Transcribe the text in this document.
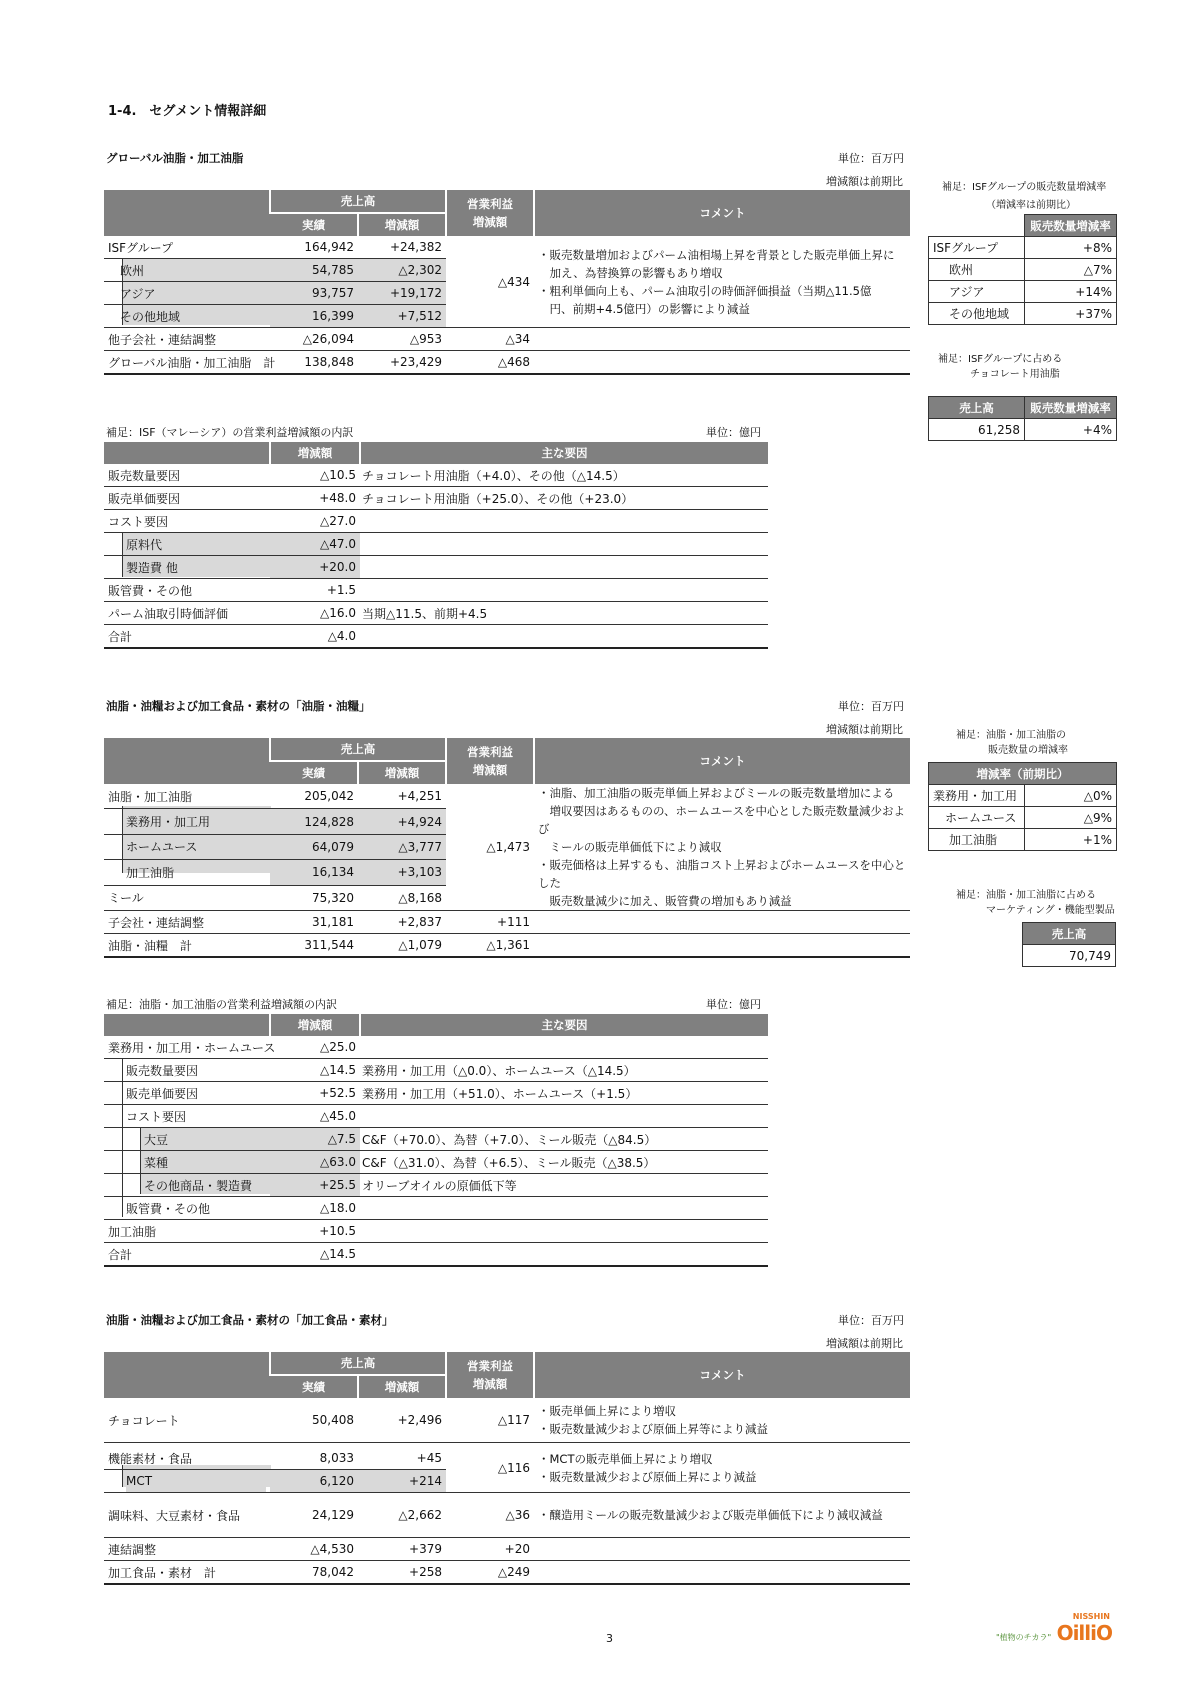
1-4.　セグメント情報詳細
グローバル油脂・加工油脂	単位：百万円
増減額は前期比
	売上高		営業利益
増減額	コメント
	実績	増減額		
ISFグループ	164,942	+24,382	△434	・販売数量増加およびパーム油相場上昇を背景とした販売単価上昇に
　加え、為替換算の影響もあり増収
・粗利単価向上も、パーム油取引の時価評価損益（当期△11.5億
　円、前期+4.5億円）の影響により減益

欧州	54,785	△2,302		
アジア	93,757	+19,172		
その他地域	16,399	+7,512		
他子会社・連結調整	△26,094	△953	△34	
グローバル油脂・加工油脂　計	138,848	+23,429	△468	
補足：ISFグループの販売数量増減率
（増減率は前期比）
	販売数量増減率
ISFグループ	+8%
欧州	△7%
アジア	+14%
その他地域	+37%
補足：ISFグループに占める
チョコレート用油脂
売上高	販売数量増減率
61,258	+4%
補足：ISF（マレーシア）の営業利益増減額の内訳	単位：億円
	増減額	主な要因
販売数量要因	△10.5	チョコレート用油脂（+4.0）、その他（△14.5）
販売単価要因	+48.0	チョコレート用油脂（+25.0）、その他（+23.0）
コスト要因	△27.0	
原料代	△47.0	
製造費 他	+20.0	
販管費・その他	+1.5	
パーム油取引時価評価	△16.0	当期△11.5、前期+4.5
合計	△4.0	
油脂・油糧および加工食品・素材の「油脂・油糧」	単位：百万円
増減額は前期比
	売上高		営業利益
増減額	コメント
	実績	増減額		
油脂・加工油脂	205,042	+4,251	△1,473	・油脂、加工油脂の販売単価上昇およびミールの販売数量増加による
　増収要因はあるものの、ホームユースを中心とした販売数量減少および
　ミールの販売単価低下により減収
・販売価格は上昇するも、油脂コスト上昇およびホームユースを中心とした
　販売数量減少に加え、販管費の増加もあり減益

業務用・加工用	124,828	+4,924		
ホームユース	64,079	△3,777		
加工油脂	16,134	+3,103		
ミール	75,320	△8,168		
子会社・連結調整	31,181	+2,837	+111	
油脂・油糧　計	311,544	△1,079	△1,361	
補足：油脂・加工油脂の
販売数量の増減率
増減率（前期比）	
業務用・加工用	△0%
ホームユース	△9%
加工油脂	+1%
補足：油脂・加工油脂に占める
マーケティング・機能型製品
売上高
70,749
補足：油脂・加工油脂の営業利益増減額の内訳	単位：億円
	増減額	主な要因
業務用・加工用・ホームユース	△25.0	
販売数量要因	△14.5	業務用・加工用（△0.0）、ホームユース（△14.5）
販売単価要因	+52.5	業務用・加工用（+51.0）、ホームユース（+1.5）
コスト要因	△45.0	
大豆	△7.5	C&F（+70.0）、為替（+7.0）、ミール販売（△84.5）
菜種	△63.0	C&F（△31.0）、為替（+6.5）、ミール販売（△38.5）
その他商品・製造費	+25.5	オリーブオイルの原価低下等
販管費・その他	△18.0	
加工油脂	+10.5	
合計	△14.5	
油脂・油糧および加工食品・素材の「加工食品・素材」	単位：百万円
増減額は前期比
	売上高		営業利益
増減額	コメント
	実績	増減額		
チョコレート	50,408	+2,496	△117	・販売単価上昇により増収
・販売数量減少および原価上昇等により減益

機能素材・食品	8,033	+45	△116	・MCTの販売単価上昇により増収
・販売数量減少および原価上昇により減益

MCT	6,120	+214		
調味料、大豆素材・食品	24,129	△2,662	△36	・醸造用ミールの販売数量減少および販売単価低下により減収減益
連結調整	△4,530	+379	+20	
加工食品・素材　計	78,042	+258	△249	
3
NISSHIN
"植物のチカラ" OilliO
